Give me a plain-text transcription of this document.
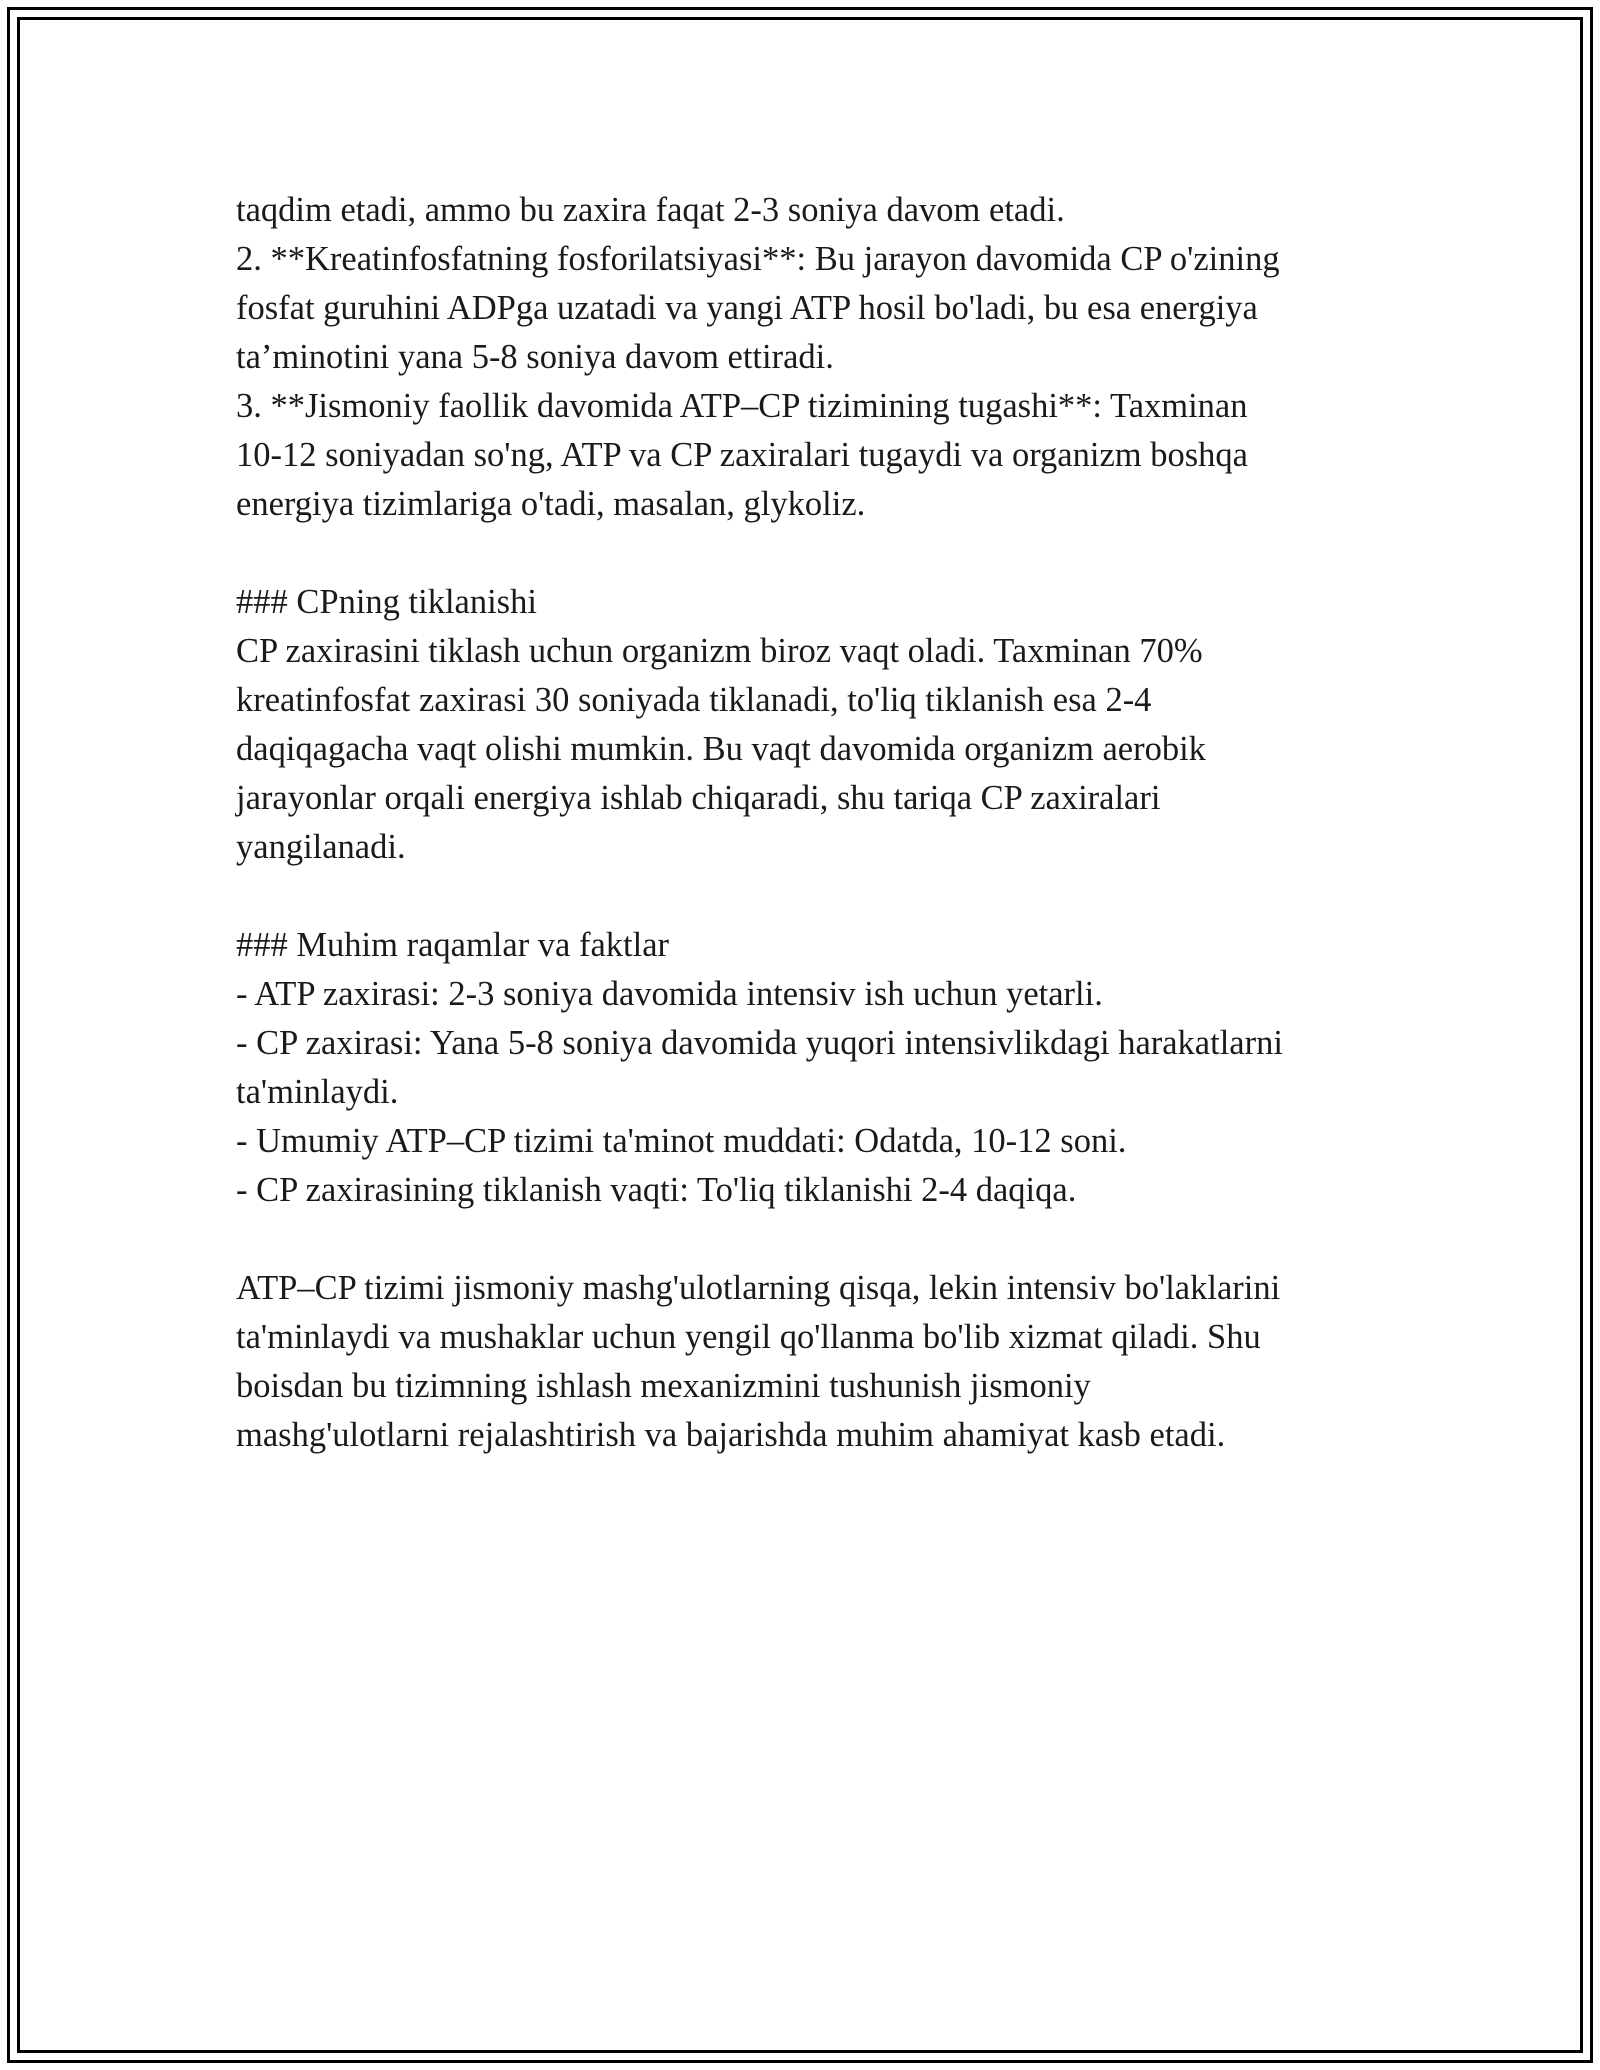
taqdim etadi, ammo bu zaxira faqat 2-3 soniya davom etadi.
2. **Kreatinfosfatning fosforilatsiyasi**: Bu jarayon davomida CP o'zining
fosfat guruhini ADPga uzatadi va yangi ATP hosil bo'ladi, bu esa energiya
ta’minotini yana 5-8 soniya davom ettiradi.
3. **Jismoniy faollik davomida ATP–CP tizimining tugashi**: Taxminan
10-12 soniyadan so'ng, ATP va CP zaxiralari tugaydi va organizm boshqa
energiya tizimlariga o'tadi, masalan, glykoliz.
### CPning tiklanishi
CP zaxirasini tiklash uchun organizm biroz vaqt oladi. Taxminan 70%
kreatinfosfat zaxirasi 30 soniyada tiklanadi, to'liq tiklanish esa 2-4
daqiqagacha vaqt olishi mumkin. Bu vaqt davomida organizm aerobik
jarayonlar orqali energiya ishlab chiqaradi, shu tariqa CP zaxiralari
yangilanadi.
### Muhim raqamlar va faktlar
- ATP zaxirasi: 2-3 soniya davomida intensiv ish uchun yetarli.
- CP zaxirasi: Yana 5-8 soniya davomida yuqori intensivlikdagi harakatlarni
ta'minlaydi.
- Umumiy ATP–CP tizimi ta'minot muddati: Odatda, 10-12 soni.
- CP zaxirasining tiklanish vaqti: To'liq tiklanishi 2-4 daqiqa.
ATP–CP tizimi jismoniy mashg'ulotlarning qisqa, lekin intensiv bo'laklarini
ta'minlaydi va mushaklar uchun yengil qo'llanma bo'lib xizmat qiladi. Shu
boisdan bu tizimning ishlash mexanizmini tushunish jismoniy
mashg'ulotlarni rejalashtirish va bajarishda muhim ahamiyat kasb etadi.
